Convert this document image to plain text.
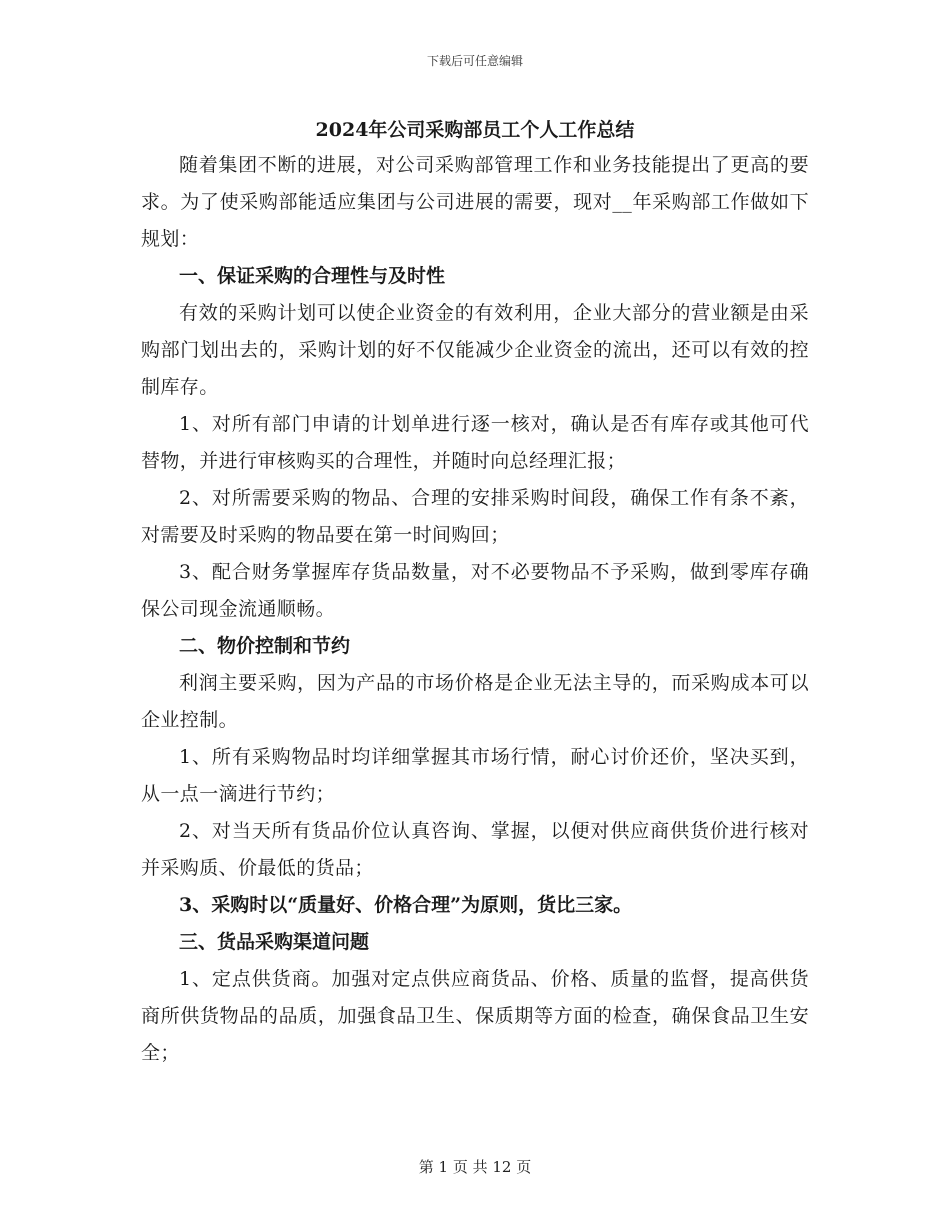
下载后可任意编辑
2024年公司采购部员工个人工作总结

随着集团不断的进展，对公司采购部管理工作和业务技能提出了更高的要求。为了使采购部能适应集团与公司进展的需要，现对__年采购部工作做如下规划：

一、保证采购的合理性与及时性

有效的采购计划可以使企业资金的有效利用，企业大部分的营业额是由采购部门划出去的，采购计划的好不仅能减少企业资金的流出，还可以有效的控制库存。

1、对所有部门申请的计划单进行逐一核对，确认是否有库存或其他可代替物，并进行审核购买的合理性，并随时向总经理汇报；

2、对所需要采购的物品、合理的安排采购时间段，确保工作有条不紊，对需要及时采购的物品要在第一时间购回；

3、配合财务掌握库存货品数量，对不必要物品不予采购，做到零库存确保公司现金流通顺畅。

二、物价控制和节约

利润主要采购，因为产品的市场价格是企业无法主导的，而采购成本可以企业控制。

1、所有采购物品时均详细掌握其市场行情，耐心讨价还价，坚决买到，从一点一滴进行节约；

2、对当天所有货品价位认真咨询、掌握，以便对供应商供货价进行核对并采购质、价最低的货品；

3、采购时以“质量好、价格合理”为原则，货比三家。

三、货品采购渠道问题

1、定点供货商。加强对定点供应商货品、价格、质量的监督，提高供货商所供货物品的品质，加强食品卫生、保质期等方面的检查，确保食品卫生安全；

第 1 页 共 12 页
